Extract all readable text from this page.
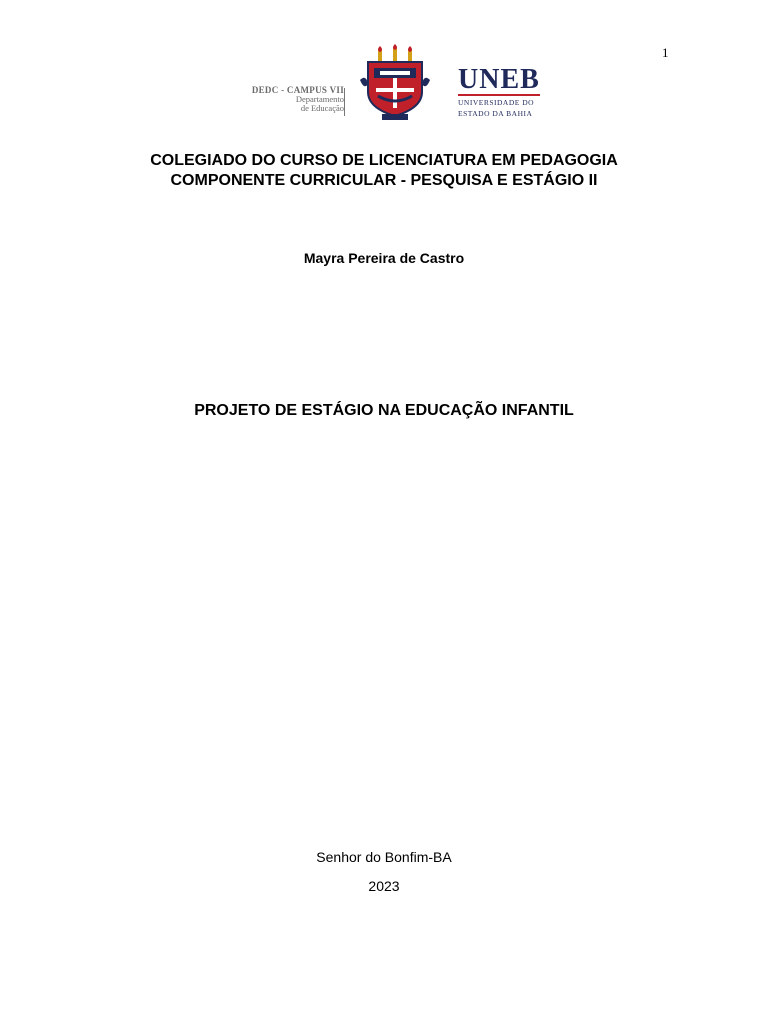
1
DEDC - CAMPUS VII
Departamento
de Educação
UNEB
UNIVERSIDADE DO
ESTADO DA BAHIA
COLEGIADO DO CURSO DE LICENCIATURA EM PEDAGOGIA
COMPONENTE CURRICULAR - PESQUISA E ESTÁGIO II
Mayra Pereira de Castro
PROJETO DE ESTÁGIO NA EDUCAÇÃO INFANTIL
Senhor do Bonfim-BA
2023
